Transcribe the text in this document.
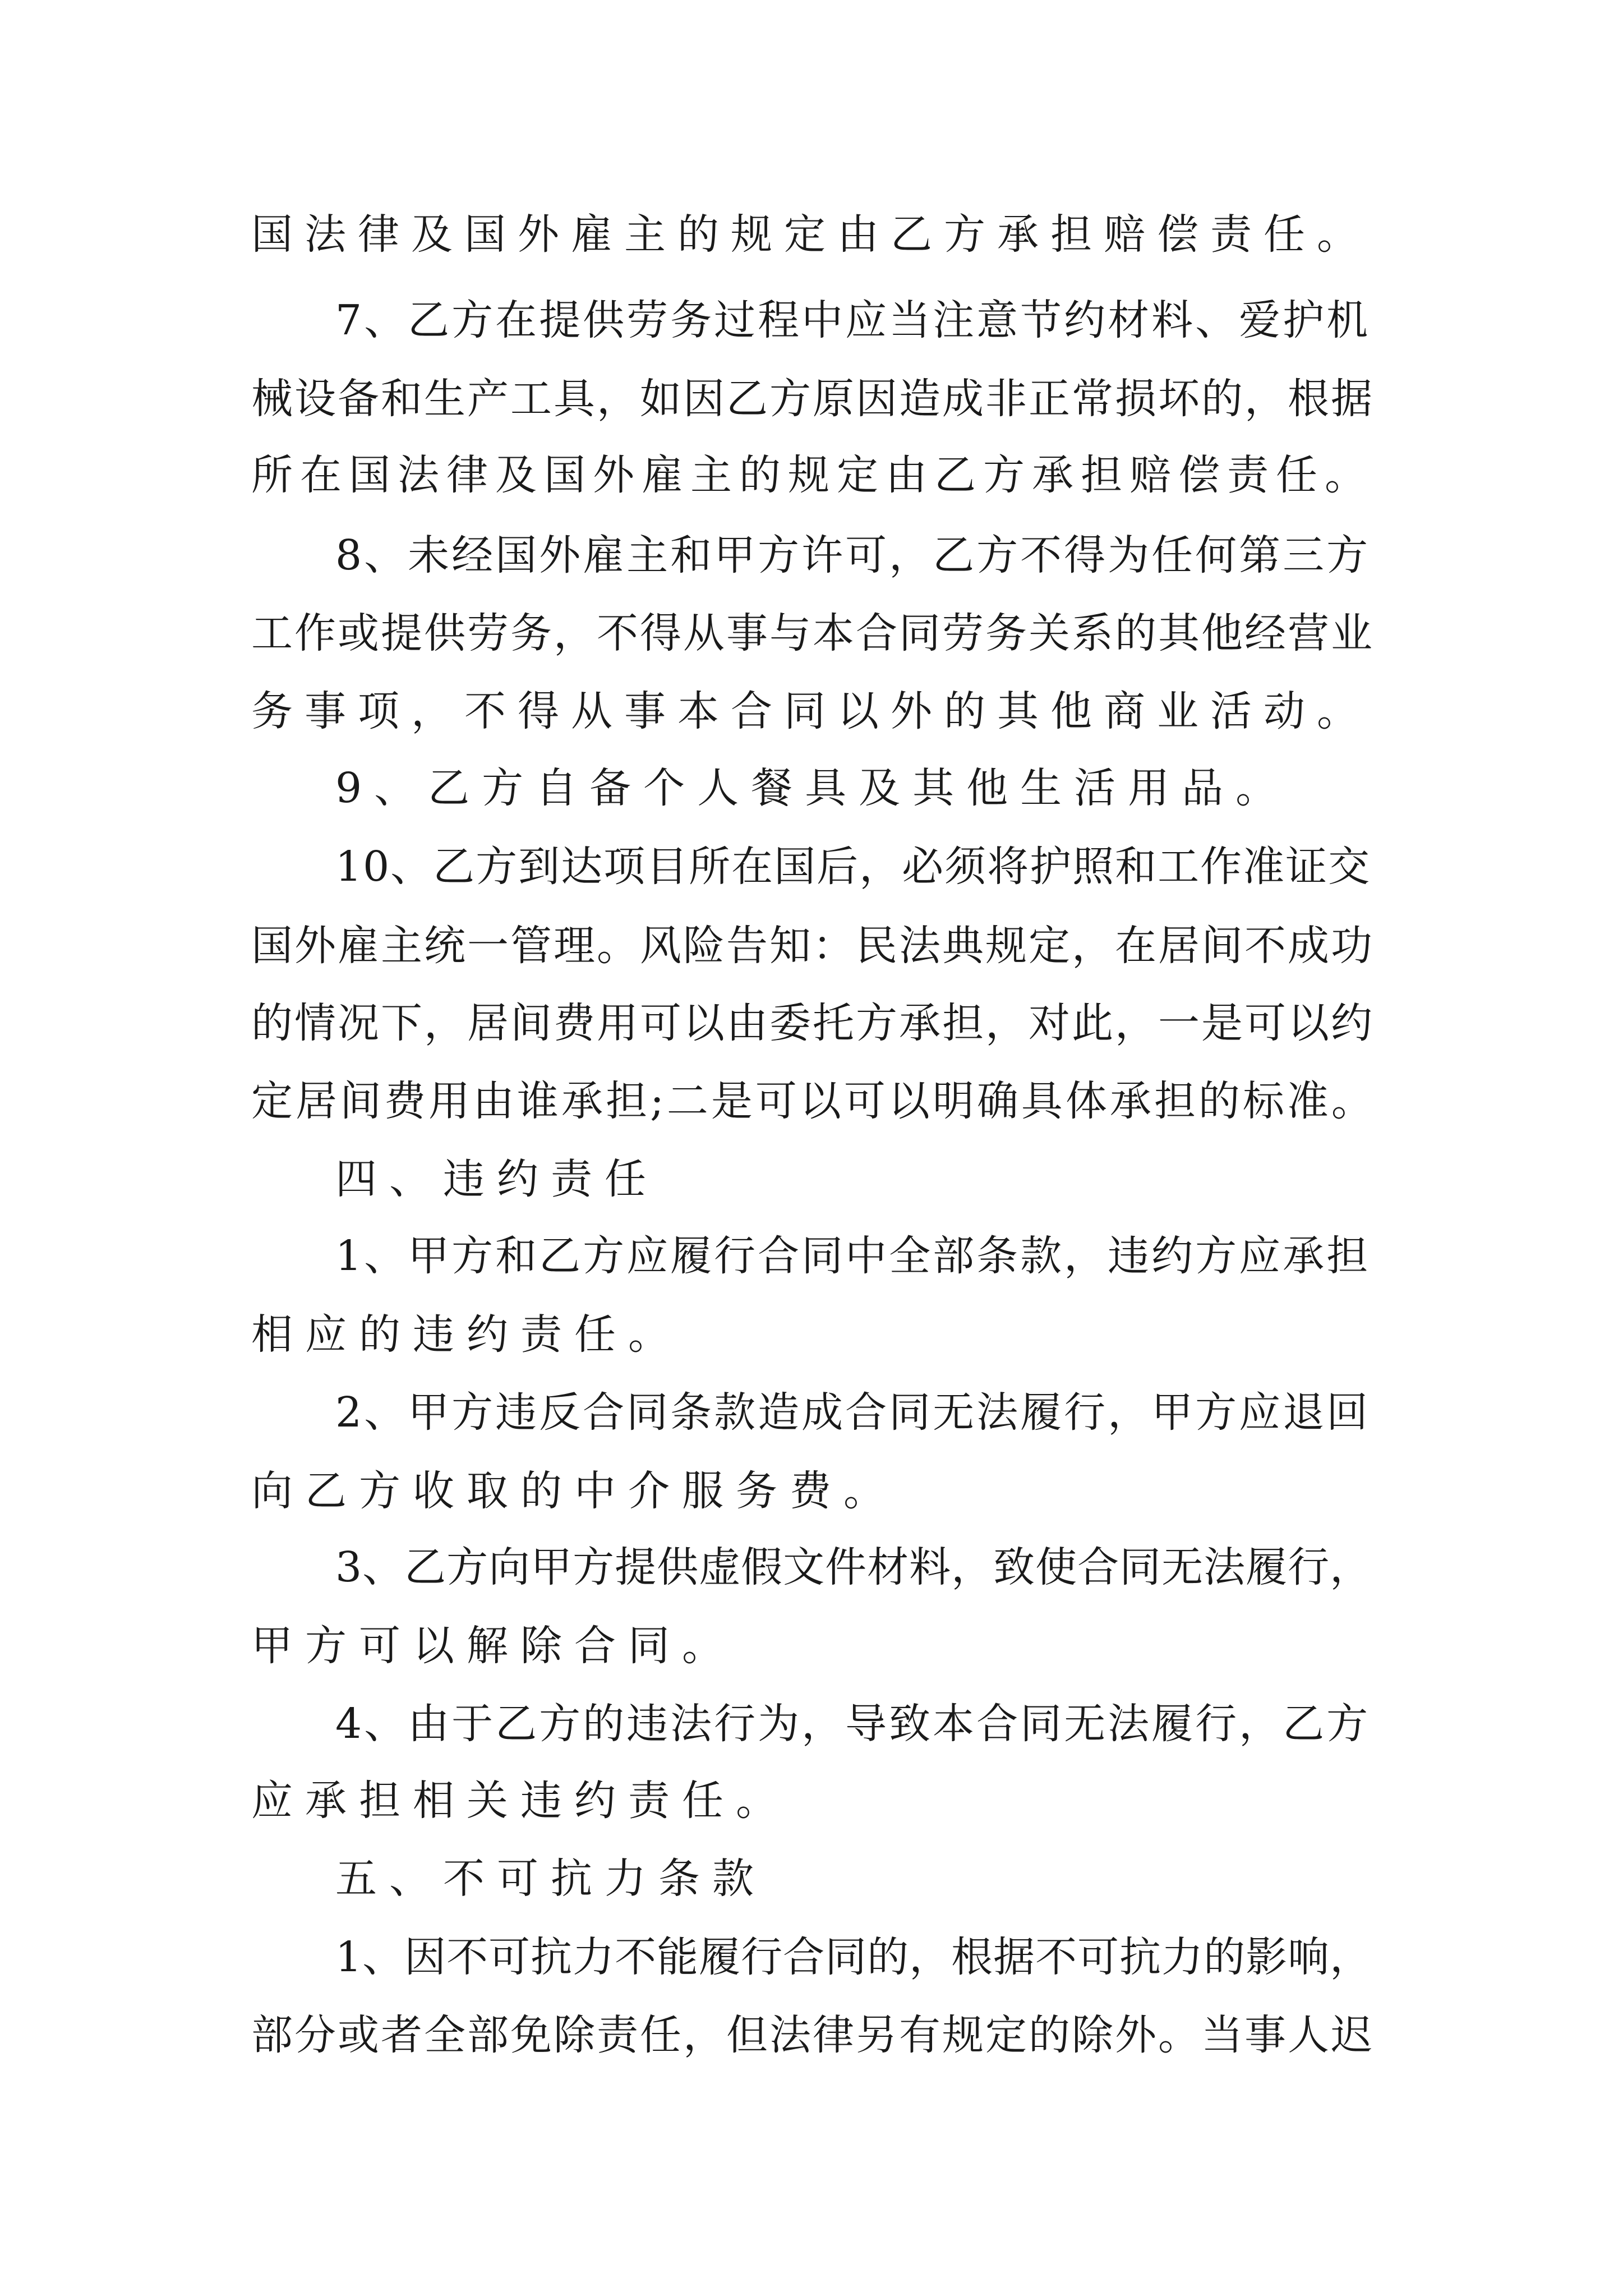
国法律及国外雇主的规定由乙方承担赔偿责任。

7、乙方在提供劳务过程中应当注意节约材料、爱护机

械设备和生产工具，如因乙方原因造成非正常损坏的，根据

所在国法律及国外雇主的规定由乙方承担赔偿责任。

8、未经国外雇主和甲方许可，乙方不得为任何第三方

工作或提供劳务，不得从事与本合同劳务关系的其他经营业

务事项，不得从事本合同以外的其他商业活动。

9、乙方自备个人餐具及其他生活用品。

10、乙方到达项目所在国后，必须将护照和工作准证交

国外雇主统一管理。风险告知：民法典规定，在居间不成功

的情况下，居间费用可以由委托方承担，对此，一是可以约

定居间费用由谁承担;二是可以可以明确具体承担的标准。

四、违约责任

1、甲方和乙方应履行合同中全部条款，违约方应承担

相应的违约责任。

2、甲方违反合同条款造成合同无法履行，甲方应退回

向乙方收取的中介服务费。

3、乙方向甲方提供虚假文件材料，致使合同无法履行，

甲方可以解除合同。

4、由于乙方的违法行为，导致本合同无法履行，乙方

应承担相关违约责任。

五、不可抗力条款

1、因不可抗力不能履行合同的，根据不可抗力的影响，

部分或者全部免除责任，但法律另有规定的除外。当事人迟
